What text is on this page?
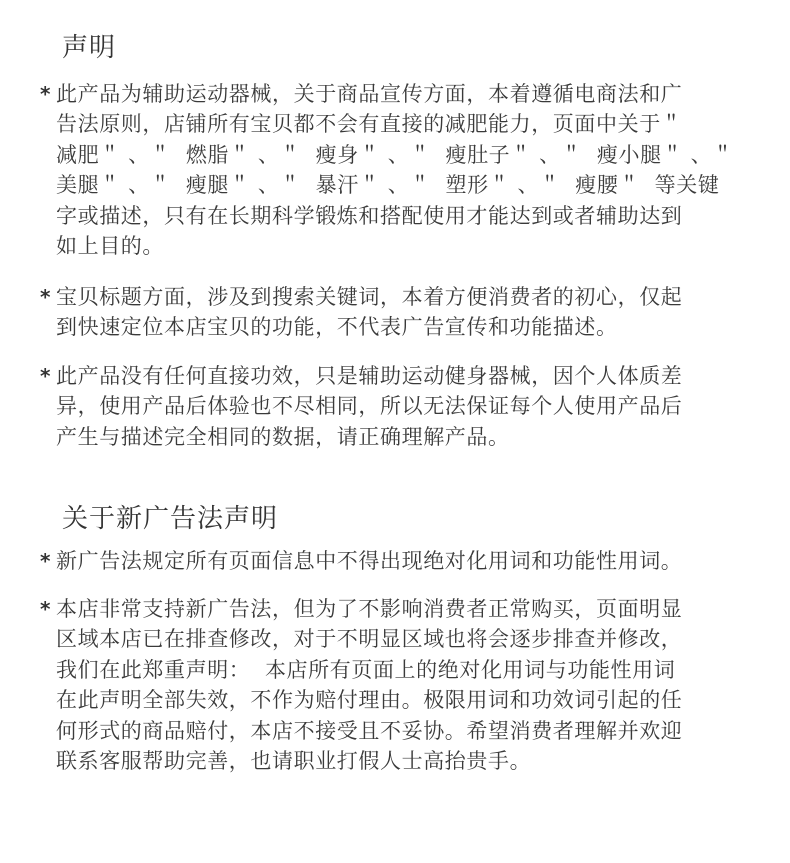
声明
* 此产品为辅助运动器械，关于商品宣传方面，本着遵循电商法和广
告法原则，店铺所有宝贝都不会有直接的减肥能力，页面中关于＂
减肥＂ 、＂  燃脂＂ 、＂  瘦身＂ 、＂  瘦肚子＂ 、＂  瘦小腿＂ 、＂
美腿＂ 、＂  瘦腿＂ 、＂  暴汗＂ 、＂  塑形＂ 、＂  瘦腰＂  等关键
字或描述，只有在长期科学锻炼和搭配使用才能达到或者辅助达到
如上目的。
* 宝贝标题方面，涉及到搜索关键词，本着方便消费者的初心，仅起
到快速定位本店宝贝的功能，不代表广告宣传和功能描述。
* 此产品没有任何直接功效，只是辅助运动健身器械，因个人体质差
异，使用产品后体验也不尽相同，所以无法保证每个人使用产品后
产生与描述完全相同的数据，请正确理解产品。
关于新广告法声明
* 新广告法规定所有页面信息中不得出现绝对化用词和功能性用词。
* 本店非常支持新广告法，但为了不影响消费者正常购买，页面明显
区域本店已在排查修改，对于不明显区域也将会逐步排查并修改，
我们在此郑重声明：  本店所有页面上的绝对化用词与功能性用词
在此声明全部失效，不作为赔付理由。极限用词和功效词引起的任
何形式的商品赔付，本店不接受且不妥协。希望消费者理解并欢迎
联系客服帮助完善，也请职业打假人士高抬贵手。
